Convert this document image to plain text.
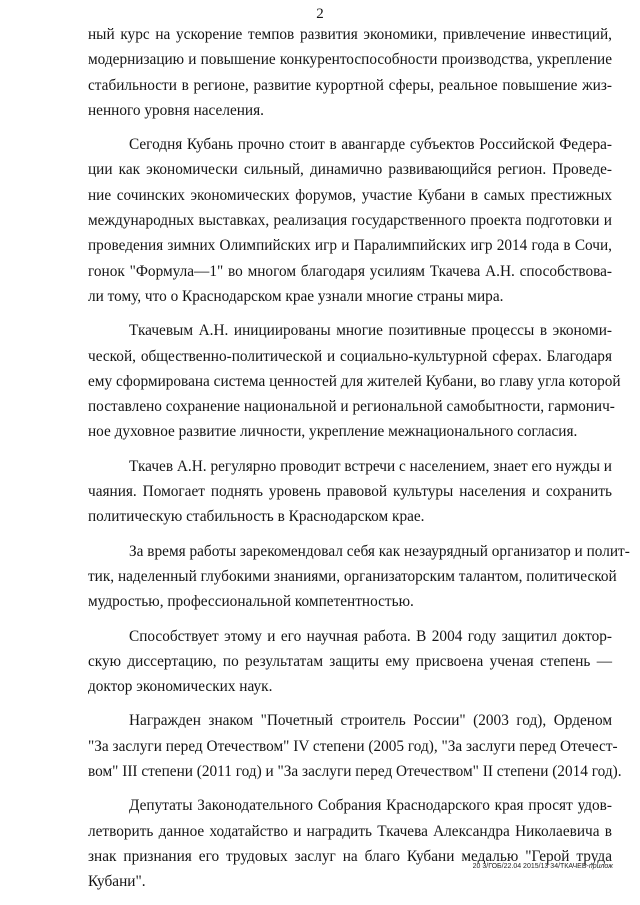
2

ный курс на ускорение темпов развития экономики, привлечение инвестиций,
модернизацию и повышение конкурентоспособности производства, укрепление
стабильности в регионе, развитие курортной сферы, реальное повышение жиз-
ненного уровня населения.

Сегодня Кубань прочно стоит в авангарде субъектов Российской Федера-
ции как экономически сильный, динамично развивающийся регион. Проведе-
ние сочинских экономических форумов, участие Кубани в самых престижных
международных выставках, реализация государственного проекта подготовки и
проведения зимних Олимпийских игр и Паралимпийских игр 2014 года в Сочи,
гонок "Формула—1" во многом благодаря усилиям Ткачева А.Н. способствова-
ли тому, что о Краснодарском крае узнали многие страны мира.

Ткачевым А.Н. инициированы многие позитивные процессы в экономи-
ческой, общественно-политической и социально-культурной сферах. Благодаря
ему сформирована система ценностей для жителей Кубани, во главу угла которой
поставлено сохранение национальной и региональной самобытности, гармонич-
ное духовное развитие личности, укрепление межнационального согласия.

Ткачев А.Н. регулярно проводит встречи с населением, знает его нужды и
чаяния. Помогает поднять уровень правовой культуры населения и сохранить
политическую стабильность в Краснодарском крае.

За время работы зарекомендовал себя как незаурядный организатор и полит-
тик, наделенный глубокими знаниями, организаторским талантом, политической
мудростью, профессиональной компетентностью.

Способствует этому и его научная работа. В 2004 году защитил доктор-
скую диссертацию, по результатам защиты ему присвоена ученая степень —
доктор экономических наук.

Награжден знаком "Почетный строитель России" (2003 год), Орденом
"За заслуги перед Отечеством" IV степени (2005 год), "За заслуги перед Отечест-
вом" III степени (2011 год) и "За заслуги перед Отечеством" II степени (2014 год).

Депутаты Законодательного Собрания Краснодарского края просят удов-
летворить данное ходатайство и наградить Ткачева Александра Николаевича в
знак признания его трудовых заслуг на благо Кубани медалью "Герой труда
Кубани".

20 3/ГОБ/22.04 2015/13 34/ТКАЧЕВ-прилож
